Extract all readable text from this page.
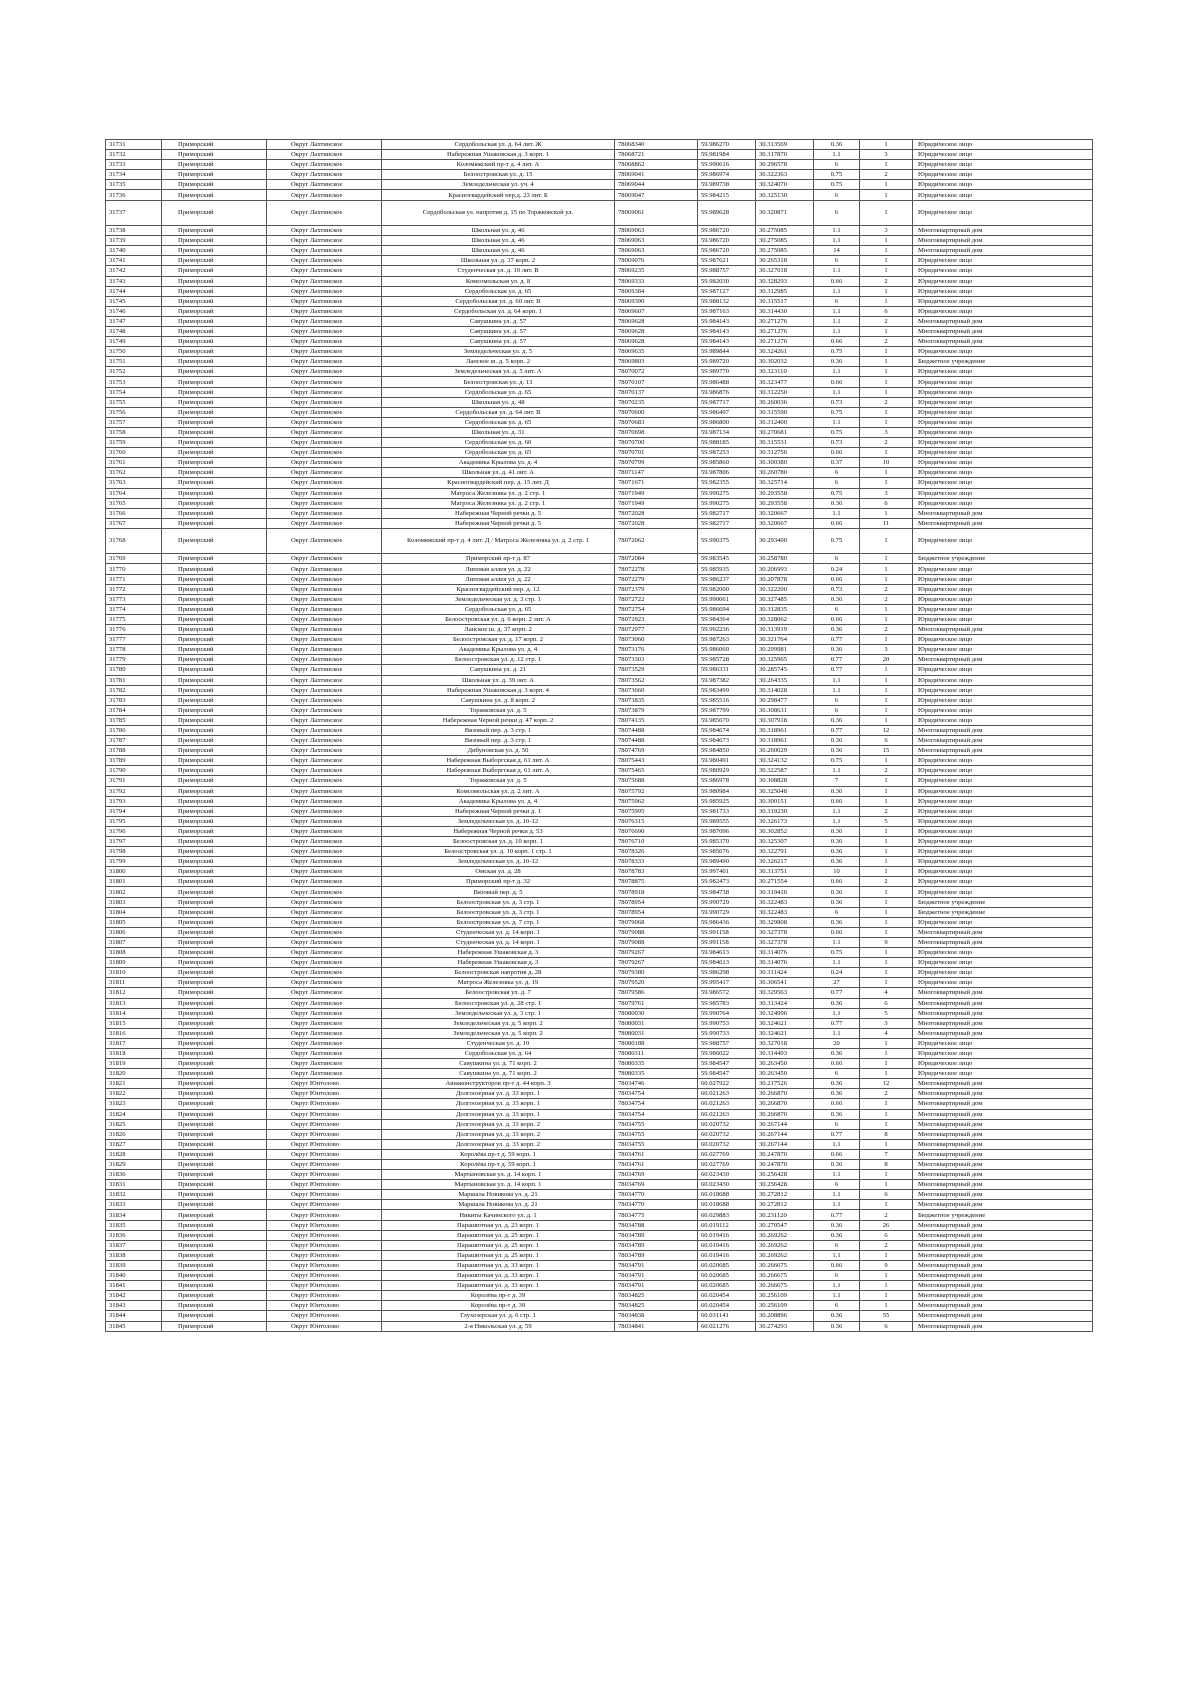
31731	Приморский	Округ Лахтинское	Сердобольская ул. д. 64 лит. Ж	78068340	59.986270	30.313569	0.36	1	Юридическое лицо
31732	Приморский	Округ Лахтинское	Набережная Ушаковская д. 3 корп. 1	78068721	59.981984	30.317870	1.1	3	Юридическое лицо
31733	Приморский	Округ Лахтинское	Коломяжский пр-т д. 4 лит. А	78068862	59.990616	30.296578	6	1	Юридическое лицо
31734	Приморский	Округ Лахтинское	Белоостровская ул. д. 15	78069041	59.986974	30.322363	0.75	2	Юридическое лицо
31735	Приморский	Округ Лахтинское	Земледельческая ул. уч. 4	78069044	59.989738	30.324070	0.75	1	Юридическое лицо
31736	Приморский	Округ Лахтинское	Красногвардейский пер.д. 23 лит. Б	78069047	59.984215	30.325130	6	1	Юридическое лицо
31737	Приморский	Округ Лахтинское	Сердобольская ул. напротив д. 15 по Торжковской ул.	78069061	59.989628	30.320871	6	1	Юридическое лицо
31738	Приморский	Округ Лахтинское	Школьная ул. д. 46	78069063	59.986720	30.275085	1.1	3	Многоквартирный дом
31739	Приморский	Округ Лахтинское	Школьная ул. д. 46	78069063	59.986720	30.275085	1.1	1	Многоквартирный дом
31740	Приморский	Округ Лахтинское	Школьная ул. д. 46	78069063	59.986720	30.275085	14	1	Многоквартирный дом
31741	Приморский	Округ Лахтинское	Школьная ул. д. 37 корп. 2	78069076	59.987621	30.265318	6	1	Юридическое лицо
31742	Приморский	Округ Лахтинское	Студенческая ул. д. 10 лит. В	78069235	59.988757	30.327018	1.1	1	Юридическое лицо
31743	Приморский	Округ Лахтинское	Комсомольская ул. д. 8	78069333	59.982030	30.328293	0.66	2	Юридическое лицо
31744	Приморский	Округ Лахтинское	Сердобольская ул. д. 65	78069384	59.987127	30.312985	1.1	1	Юридическое лицо
31745	Приморский	Округ Лахтинское	Сердобольская ул. д. 60 лит. В	78069390	59.988132	30.315517	6	1	Юридическое лицо
31746	Приморский	Округ Лахтинское	Сердобольская ул. д. 64 корп. 1	78069607	59.987163	30.314430	1.1	6	Юридическое лицо
31747	Приморский	Округ Лахтинское	Савушкина ул. д. 57	78069628	59.984143	30.271276	1.1	2	Многоквартирный дом
31748	Приморский	Округ Лахтинское	Савушкина ул. д. 57	78069628	59.984143	30.271276	1.1	1	Многоквартирный дом
31749	Приморский	Округ Лахтинское	Савушкина ул. д. 57	78069628	59.984143	30.271276	0.66	2	Многоквартирный дом
31750	Приморский	Округ Лахтинское	Земледельческая ул. д. 5	78069635	59.989844	30.324261	0.75	1	Юридическое лицо
31751	Приморский	Округ Лахтинское	Ланское ш. д. 5 корп. 2	78069803	59.989720	30.302032	0.36	1	Бюджетное учреждение
31752	Приморский	Округ Лахтинское	Земледельческая ул. д. 5 лит. А	78070072	59.989770	30.323110	1.1	1	Юридическое лицо
31753	Приморский	Округ Лахтинское	Белоостровская ул. д. 13	78070107	59.986488	30.323477	0.66	1	Юридическое лицо
31754	Приморский	Округ Лахтинское	Сердобольская ул. д. 65	78070137	59.986876	30.312250	1.1	1	Юридическое лицо
31755	Приморский	Округ Лахтинское	Школьная ул. д. 48	78070235	59.987717	30.260036	0.73	2	Юридическое лицо
31756	Приморский	Округ Лахтинское	Сердобольская ул. д. 64 лит. В	78070600	59.986497	30.315590	0.75	1	Юридическое лицо
31757	Приморский	Округ Лахтинское	Сердобольская ул. д. 65	78070683	59.986800	30.312400	1.1	1	Юридическое лицо
31758	Приморский	Округ Лахтинское	Школьная ул. д. 31	78070698	59.987134	30.270681	0.75	3	Юридическое лицо
31759	Приморский	Округ Лахтинское	Сердобольская ул. д. 60	78070700	59.988185	30.315531	0.73	2	Юридическое лицо
31760	Приморский	Округ Лахтинское	Сердобольская ул. д. 65	78070701	59.987253	30.312756	0.66	1	Юридическое лицо
31761	Приморский	Округ Лахтинское	Академика Крылова ул. д. 4	78070799	59.985860	30.300380	0.37	10	Юридическое лицо
31762	Приморский	Округ Лахтинское	Школьная ул. д. 41 лит. А	78071147	59.987806	30.260780	6	1	Юридическое лицо
31763	Приморский	Округ Лахтинское	Красногвардейский пер. д. 15 лит. Д	78071671	59.982355	30.325714	6	1	Юридическое лицо
31764	Приморский	Округ Лахтинское	Матроса Железняка ул. д. 2 стр. 1	78071949	59.990275	30.293558	0.75	3	Юридическое лицо
31765	Приморский	Округ Лахтинское	Матроса Железняка ул. д. 2 стр. 1	78071949	59.990275	30.293558	0.36	6	Юридическое лицо
31766	Приморский	Округ Лахтинское	Набережная Черной речки д. 5	78072028	59.982717	30.320667	1.1	1	Многоквартирный дом
31767	Приморский	Округ Лахтинское	Набережная Черной речки д. 5	78072028	59.982717	30.320667	0.66	11	Многоквартирный дом
31768	Приморский	Округ Лахтинское	Коломяжский пр-т д. 4 лит. Д / Матроса Железняка ул. д. 2 стр. 1	78072062	59.990375	30.293400	0.75	1	Юридическое лицо
31769	Приморский	Округ Лахтинское	Приморский пр-т д. 87	78072084	59.983545	30.258780	6	1	Бюджетное учреждение
31770	Приморский	Округ Лахтинское	Липовая аллея ул. д. 22	78072278	59.985935	30.206993	0.24	1	Юридическое лицо
31771	Приморский	Округ Лахтинское	Липовая аллея ул. д. 22	78072279	59.986237	30.207878	0.66	1	Юридическое лицо
31772	Приморский	Округ Лахтинское	Красногвардейский пер. д. 12	78072379	59.982000	30.322200	0.73	2	Юридическое лицо
31773	Приморский	Округ Лахтинское	Земледельческая ул. д. 3 стр. 1	78072722	59.990061	30.327485	0.36	2	Юридическое лицо
31774	Приморский	Округ Лахтинское	Сердобольская ул. д. 65	78072754	59.986694	30.312835	6	1	Юридическое лицо
31775	Приморский	Округ Лахтинское	Белоостровская ул. д. 6 корп. 2 лит. А	78072923	59.984364	30.328062	0.66	1	Юридическое лицо
31776	Приморский	Округ Лахтинское	Ланское ш. д. 37 корп. 2	78072977	59.992236	30.313919	0.36	2	Многоквартирный дом
31777	Приморский	Округ Лахтинское	Белоостровская ул. д. 17 корп. 2	78073060	59.987263	30.321764	0.77	1	Юридическое лицо
31778	Приморский	Округ Лахтинское	Академика Крылова ул. д. 4	78073176	59.986060	30.299981	0.36	3	Юридическое лицо
31779	Приморский	Округ Лахтинское	Белоостровская ул. д. 12 стр. 1	78073303	59.985728	30.325965	0.77	20	Многоквартирный дом
31780	Приморский	Округ Лахтинское	Савушкина ул. д. 21	78073529	59.986331	30.285745	0.77	1	Юридическое лицо
31781	Приморский	Округ Лахтинское	Школьная ул. д. 39 лит. А	78073562	59.987382	30.264335	1.1	1	Юридическое лицо
31782	Приморский	Округ Лахтинское	Набережная Ушаковская д. 3 корп. 4	78073660	59.983499	30.314028	1.1	1	Юридическое лицо
31783	Приморский	Округ Лахтинское	Савушкина ул. д. 8 корп. 2	78073835	59.985516	30.298477	6	1	Юридическое лицо
31784	Приморский	Округ Лахтинское	Торжковская ул. д. 5	78073879	59.987799	30.308631	6	1	Юридическое лицо
31785	Приморский	Округ Лахтинское	Набережная Черной речки д. 47 корп. 2	78074135	59.985670	30.307918	0.36	1	Юридическое лицо
31786	Приморский	Округ Лахтинское	Вязовый пер. д. 3 стр. 1	78074488	59.984674	30.318961	0.77	12	Многоквартирный дом
31787	Приморский	Округ Лахтинское	Вязовый пер. д. 3 стр. 1	78074488	59.984673	30.318961	0.36	6	Многоквартирный дом
31788	Приморский	Округ Лахтинское	Дибуновская ул. д. 50	78074769	59.984850	30.260029	0.36	15	Многоквартирный дом
31789	Приморский	Округ Лахтинское	Набережная Выборгская д. 61 лит. А	78075443	59.980491	30.324132	0.75	1	Юридическое лицо
31790	Приморский	Округ Лахтинское	Набережная Выборгская д. 61 лит. А	78075465	59.980929	30.322587	1.1	2	Юридическое лицо
31791	Приморский	Округ Лахтинское	Торжковская ул. д. 5	78075688	59.986978	30.308828	7	1	Юридическое лицо
31792	Приморский	Округ Лахтинское	Комсомольская ул. д. 2 лит. А	78075792	59.980984	30.325048	0.36	1	Юридическое лицо
31793	Приморский	Округ Лахтинское	Академика Крылова ул. д. 4	78075962	59.985925	30.300151	0.66	1	Юридическое лицо
31794	Приморский	Округ Лахтинское	Набережная Черной речки д. 1	78075995	59.981733	30.319230	1.1	2	Юридическое лицо
31795	Приморский	Округ Лахтинское	Земледельческая ул. д. 10-12	78076315	59.989555	30.326173	1.1	5	Юридическое лицо
31796	Приморский	Округ Лахтинское	Набережная Черной речки д. 53	78076690	59.987096	30.302852	0.36	1	Юридическое лицо
31797	Приморский	Округ Лахтинское	Белоостровская ул. д. 10 корп. 1	78076710	59.985370	30.325307	0.36	1	Юридическое лицо
31798	Приморский	Округ Лахтинское	Белоостровская ул. д. 10 корп. 1 стр. 1	78078326	59.985676	30.322791	0.36	1	Юридическое лицо
31799	Приморский	Округ Лахтинское	Земледельческая ул. д. 10-12	78078333	59.989490	30.326217	0.36	1	Юридическое лицо
31800	Приморский	Округ Лахтинское	Омская ул. д. 28	78078783	59.997401	30.313751	10	1	Юридическое лицо
31801	Приморский	Округ Лахтинское	Приморский пр-т д. 32	78078875	59.982473	30.271554	0.66	2	Юридическое лицо
31802	Приморский	Округ Лахтинское	Вязовый пер. д. 5	78078918	59.984738	30.319416	0.36	1	Юридическое лицо
31803	Приморский	Округ Лахтинское	Белоостровская ул. д. 3 стр. 1	78078954	59.990729	30.322483	0.36	1	Бюджетное учреждение
31804	Приморский	Округ Лахтинское	Белоостровская ул. д. 3 стр. 1	78078954	59.990729	30.322483	6	1	Бюджетное учреждение
31805	Приморский	Округ Лахтинское	Белоостровская ул. д. 7 стр. 1	78079068	59.986436	30.329808	0.36	1	Юридическое лицо
31806	Приморский	Округ Лахтинское	Студенческая ул. д. 14 корп. 1	78079088	59.991158	30.327378	0.66	1	Многоквартирный дом
31807	Приморский	Округ Лахтинское	Студенческая ул. д. 14 корп. 1	78079088	59.991158	30.327378	1.1	9	Многоквартирный дом
31808	Приморский	Округ Лахтинское	Набережная Ушаковская д. 3	78079267	59.984613	30.314076	0.75	1	Юридическое лицо
31809	Приморский	Округ Лахтинское	Набережная Ушаковская д. 3	78079267	59.984613	30.314076	1.1	1	Юридическое лицо
31810	Приморский	Округ Лахтинское	Белоостровская напротив д. 28	78079380	59.986298	30.311424	0.24	1	Юридическое лицо
31811	Приморский	Округ Лахтинское	Матроса Железняка ул. д. 19	78079520	59.995417	30.306541	27	1	Юридическое лицо
31812	Приморский	Округ Лахтинское	Белоостровская ул. д. 7	78079586	59.986572	30.329563	0.77	4	Многоквартирный дом
31813	Приморский	Округ Лахтинское	Белоостровская ул. д. 28 стр. 1	78079761	59.985783	30.313424	0.36	6	Многоквартирный дом
31814	Приморский	Округ Лахтинское	Земледельческая ул. д. 3 стр. 1	78080030	59.990764	30.324996	1.1	5	Многоквартирный дом
31815	Приморский	Округ Лахтинское	Земледельческая ул. д. 5 корп. 2	78080031	59.990753	30.324621	0.77	3	Многоквартирный дом
31816	Приморский	Округ Лахтинское	Земледельческая ул. д. 5 корп. 2	78080031	59.990733	30.324621	1.1	4	Многоквартирный дом
31817	Приморский	Округ Лахтинское	Студенческая ул. д. 10	78080188	59.988757	30.327018	20	1	Юридическое лицо
31818	Приморский	Округ Лахтинское	Сердобольская ул. д. 64	78080311	59.986022	30.314493	0.36	1	Юридическое лицо
31819	Приморский	Округ Лахтинское	Савушкина ул. д. 71 корп. 2	78080335	59.984547	30.263450	0.66	1	Юридическое лицо
31820	Приморский	Округ Лахтинское	Савушкина ул. д. 71 корп. 2	78080335	59.984547	30.263450	6	1	Юридическое лицо
31821	Приморский	Округ Юнтолово	Авиаконструкторов пр-т д. 44 корп. 3	78034746	60.027922	30.217526	0.36	12	Многоквартирный дом
31822	Приморский	Округ Юнтолово	Долгоозерная ул. д. 33 корп. 1	78034754	60.021263	30.266870	0.36	2	Многоквартирный дом
31823	Приморский	Округ Юнтолово	Долгоозерная ул. д. 33 корп. 1	78034754	60.021263	30.266870	0.66	1	Многоквартирный дом
31824	Приморский	Округ Юнтолово	Долгоозерная ул. д. 33 корп. 1	78034754	60.021263	30.266870	0.36	1	Многоквартирный дом
31825	Приморский	Округ Юнтолово	Долгоозерная ул. д. 33 корп. 2	78034755	60.020732	30.267144	6	1	Многоквартирный дом
31826	Приморский	Округ Юнтолово	Долгоозерная ул. д. 33 корп. 2	78034755	60.020732	30.267144	0.77	8	Многоквартирный дом
31827	Приморский	Округ Юнтолово	Долгоозерная ул. д. 33 корп. 2	78034755	60.020732	30.267144	1.1	1	Многоквартирный дом
31828	Приморский	Округ Юнтолово	Королёва пр-т д. 59 корп. 1	78034761	60.027769	30.247870	0.66	7	Многоквартирный дом
31829	Приморский	Округ Юнтолово	Королёва пр-т д. 59 корп. 1	78034761	60.027769	30.247870	0.36	8	Многоквартирный дом
31830	Приморский	Округ Юнтолово	Мартыновская ул. д. 14 корп. 1	78034769	60.023430	30.256428	1.1	1	Многоквартирный дом
31831	Приморский	Округ Юнтолово	Мартыновская ул. д. 14 корп. 1	78034769	60.023430	30.256428	6	1	Многоквартирный дом
31832	Приморский	Округ Юнтолово	Маршала Новикова ул. д. 21	78034770	60.018688	30.272812	1.1	6	Многоквартирный дом
31833	Приморский	Округ Юнтолово	Маршала Новикова ул. д. 21	78034770	60.018688	30.272812	1.1	1	Многоквартирный дом
31834	Приморский	Округ Юнтолово	Никиты Качинского ул. д. 1	78034775	60.029883	30.231120	0.77	2	Бюджетное учреждение
31835	Приморский	Округ Юнтолово	Парашютная ул. д. 23 корп. 1	78034788	60.019112	30.270547	0.36	26	Многоквартирный дом
31836	Приморский	Округ Юнтолово	Парашютная ул. д. 25 корп. 1	78034789	60.019416	30.269262	0.36	6	Многоквартирный дом
31837	Приморский	Округ Юнтолово	Парашютная ул. д. 25 корп. 1	78034789	60.019416	30.269262	6	2	Многоквартирный дом
31838	Приморский	Округ Юнтолово	Парашютная ул. д. 25 корп. 1	78034789	60.019416	30.269262	1.1	1	Многоквартирный дом
31839	Приморский	Округ Юнтолово	Парашютная ул. д. 33 корп. 1	78034791	60.020685	30.266675	0.66	9	Многоквартирный дом
31840	Приморский	Округ Юнтолово	Парашютная ул. д. 33 корп. 1	78034791	60.020685	30.266675	6	1	Многоквартирный дом
31841	Приморский	Округ Юнтолово	Парашютная ул. д. 33 корп. 1	78034791	60.020685	30.266675	1.1	1	Многоквартирный дом
31842	Приморский	Округ Юнтолово	Королёва пр-т д. 39	78034825	60.020454	30.256109	1.1	1	Многоквартирный дом
31843	Приморский	Округ Юнтолово	Королёва пр-т д. 39	78034825	60.020454	30.256109	6	1	Многоквартирный дом
31844	Приморский	Округ Юнтолово	Глухозерская ул. д. 6 стр. 1	78034838	60.031141	30.208896	0.36	55	Многоквартирный дом
31845	Приморский	Округ Юнтолово	2-я Никольская ул. д. 59	78034841	60.021276	30.274293	0.36	6	Многоквартирный дом
